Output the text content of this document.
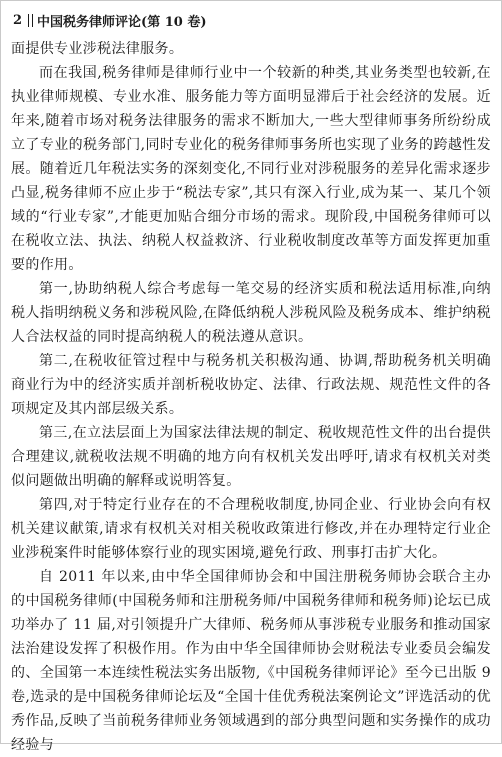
2 中国税务律师评论(第 10 卷)

面提供专业涉税法律服务。

而在我国,税务律师是律师行业中一个较新的种类,其业务类型也较新,在执业律师规模、专业水准、服务能力等方面明显滞后于社会经济的发展。近年来,随着市场对税务法律服务的需求不断加大,一些大型律师事务所纷纷成立了专业的税务部门,同时专业化的税务律师事务所也实现了业务的跨越性发展。随着近几年税法实务的深刻变化,不同行业对涉税服务的差异化需求逐步凸显,税务律师不应止步于“税法专家”,其只有深入行业,成为某一、某几个领域的“行业专家”,才能更加贴合细分市场的需求。现阶段,中国税务律师可以在税收立法、执法、纳税人权益救济、行业税收制度改革等方面发挥更加重要的作用。

第一,协助纳税人综合考虑每一笔交易的经济实质和税法适用标准,向纳税人指明纳税义务和涉税风险,在降低纳税人涉税风险及税务成本、维护纳税人合法权益的同时提高纳税人的税法遵从意识。

第二,在税收征管过程中与税务机关积极沟通、协调,帮助税务机关明确商业行为中的经济实质并剖析税收协定、法律、行政法规、规范性文件的各项规定及其内部层级关系。

第三,在立法层面上为国家法律法规的制定、税收规范性文件的出台提供合理建议,就税收法规不明确的地方向有权机关发出呼吁,请求有权机关对类似问题做出明确的解释或说明答复。

第四,对于特定行业存在的不合理税收制度,协同企业、行业协会向有权机关建议献策,请求有权机关对相关税收政策进行修改,并在办理特定行业企业涉税案件时能够体察行业的现实困境,避免行政、刑事打击扩大化。

自 2011 年以来,由中华全国律师协会和中国注册税务师协会联合主办的中国税务律师(中国税务师和注册税务师/中国税务律师和税务师)论坛已成功举办了 11 届,对引领提升广大律师、税务师从事涉税专业服务和推动国家法治建设发挥了积极作用。作为由中华全国律师协会财税法专业委员会编发的、全国第一本连续性税法实务出版物,《中国税务律师评论》至今已出版 9 卷,选录的是中国税务律师论坛及“全国十佳优秀税法案例论文”评选活动的优秀作品,反映了当前税务律师业务领域遇到的部分典型问题和实务操作的成功经验与
